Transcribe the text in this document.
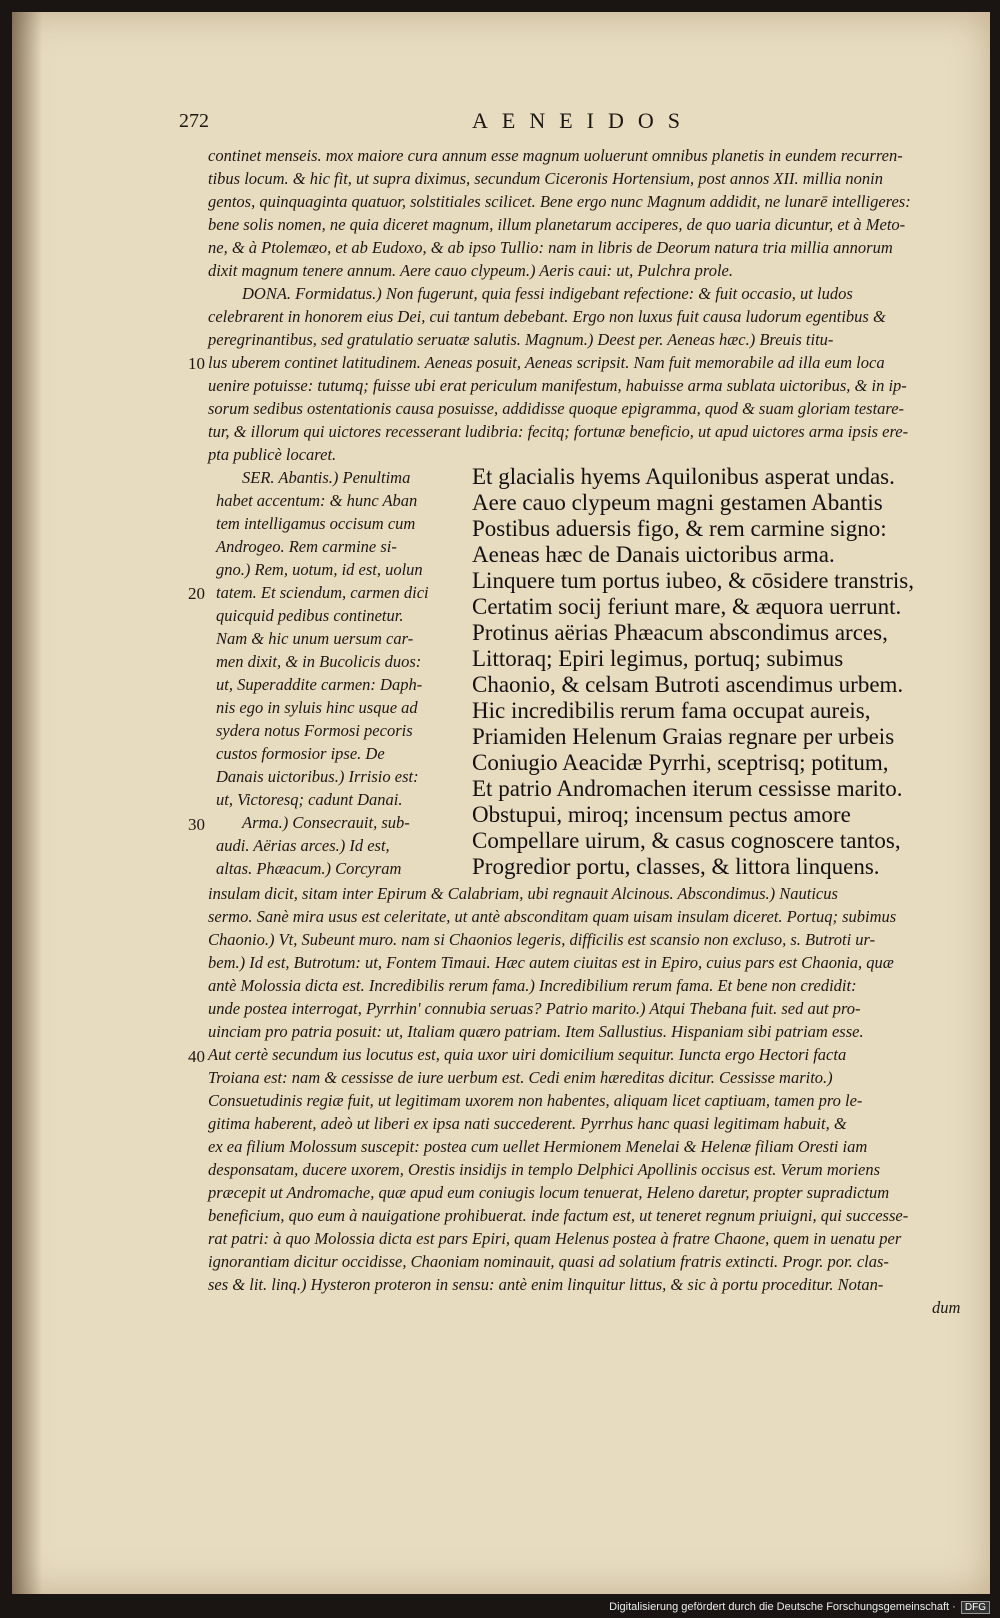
272	AENEIDOS
continet menseis. mox maiore cura annum esse magnum uoluerunt omnibus planetis in eundem recurren-
tibus locum. & hic fit, ut supra diximus, secundum Ciceronis Hortensium, post annos XII. millia nonin
gentos, quinquaginta quatuor, solstitiales scilicet. Bene ergo nunc Magnum addidit, ne lunarē intelligeres:
bene solis nomen, ne quia diceret magnum, illum planetarum acciperes, de quo uaria dicuntur, et à Meto-
ne, & à Ptolemæo, et ab Eudoxo, & ab ipso Tullio: nam in libris de Deorum natura tria millia annorum
dixit magnum tenere annum. Aere cauo clypeum.) Aeris caui: ut, Pulchra prole.
DONA. Formidatus.) Non fugerunt, quia fessi indigebant refectione: & fuit occasio, ut ludos
celebrarent in honorem eius Dei, cui tantum debebant. Ergo non luxus fuit causa ludorum egentibus &
peregrinantibus, sed gratulatio seruatæ salutis. Magnum.) Deest per. Aeneas hæc.) Breuis titu-
lus uberem continet latitudinem. Aeneas posuit, Aeneas scripsit. Nam fuit memorabile ad illa eum loca
uenire potuisse: tutumq; fuisse ubi erat periculum manifestum, habuisse arma sublata uictoribus, & in ip-
sorum sedibus ostentationis causa posuisse, addidisse quoque epigramma, quod & suam gloriam testare-
tur, & illorum qui uictores recesserant ludibria: fecitq; fortunæ beneficio, ut apud uictores arma ipsis ere-
pta publicè locaret.
SER. Abantis.) Penultima
habet accentum: & hunc Aban
tem intelligamus occisum cum
Androgeo. Rem carmine si-
gno.) Rem, uotum, id est, uolun
tatem. Et sciendum, carmen dici
quicquid pedibus continetur.
Nam & hic unum uersum car-
men dixit, & in Bucolicis duos:
ut, Superaddite carmen: Daph-
nis ego in syluis hinc usque ad
sydera notus Formosi pecoris
custos formosior ipse. De
Danais uictoribus.) Irrisio est:
ut, Victoresq; cadunt Danai.
Arma.) Consecrauit, sub-
audi. Aërias arces.) Id est,
altas. Phæacum.) Corcyram
Et glacialis hyems Aquilonibus asperat undas.
Aere cauo clypeum magni gestamen Abantis
Postibus aduersis figo, & rem carmine signo:
Aeneas hæc de Danais uictoribus arma.
Linquere tum portus iubeo, & cōsidere transtris,
Certatim socij feriunt mare, & æquora uerrunt.
Protinus aërias Phæacum abscondimus arces,
Littoraq; Epiri legimus, portuq; subimus
Chaonio, & celsam Butroti ascendimus urbem.
Hic incredibilis rerum fama occupat aureis,
Priamiden Helenum Graias regnare per urbeis
Coniugio Aeacidæ Pyrrhi, sceptrisq; potitum,
Et patrio Andromachen iterum cessisse marito.
Obstupui, miroq; incensum pectus amore
Compellare uirum, & casus cognoscere tantos,
Progredior portu, classes, & littora linquens.
insulam dicit, sitam inter Epirum & Calabriam, ubi regnauit Alcinous. Abscondimus.) Nauticus
sermo. Sanè mira usus est celeritate, ut antè absconditam quam uisam insulam diceret. Portuq; subimus
Chaonio.) Vt, Subeunt muro. nam si Chaonios legeris, difficilis est scansio non excluso, s. Butroti ur-
bem.) Id est, Butrotum: ut, Fontem Timaui. Hæc autem ciuitas est in Epiro, cuius pars est Chaonia, quæ
antè Molossia dicta est. Incredibilis rerum fama.) Incredibilium rerum fama. Et bene non credidit:
unde postea interrogat, Pyrrhin' connubia seruas? Patrio marito.) Atqui Thebana fuit. sed aut pro-
uinciam pro patria posuit: ut, Italiam quæro patriam. Item Sallustius. Hispaniam sibi patriam esse.
Aut certè secundum ius locutus est, quia uxor uiri domicilium sequitur. Iuncta ergo Hectori facta
Troiana est: nam & cessisse de iure uerbum est. Cedi enim hæreditas dicitur. Cessisse marito.)
Consuetudinis regiæ fuit, ut legitimam uxorem non habentes, aliquam licet captiuam, tamen pro le-
gitima haberent, adeò ut liberi ex ipsa nati succederent. Pyrrhus hanc quasi legitimam habuit, &
ex ea filium Molossum suscepit: postea cum uellet Hermionem Menelai & Helenæ filiam Oresti iam
desponsatam, ducere uxorem, Orestis insidijs in templo Delphici Apollinis occisus est. Verum moriens
præcepit ut Andromache, quæ apud eum coniugis locum tenuerat, Heleno daretur, propter supradictum
beneficium, quo eum à nauigatione prohibuerat. inde factum est, ut teneret regnum priuigni, qui successe-
rat patri: à quo Molossia dicta est pars Epiri, quam Helenus postea à fratre Chaone, quem in uenatu per
ignorantiam dicitur occidisse, Chaoniam nominauit, quasi ad solatium fratris extincti. Progr. por. clas-
ses & lit. linq.) Hysteron proteron in sensu: antè enim linquitur littus, & sic à portu proceditur. Notan-
dum
10
20
30
40
Digitalisierung gefördert durch die Deutsche Forschungsgemeinschaft · DFG
